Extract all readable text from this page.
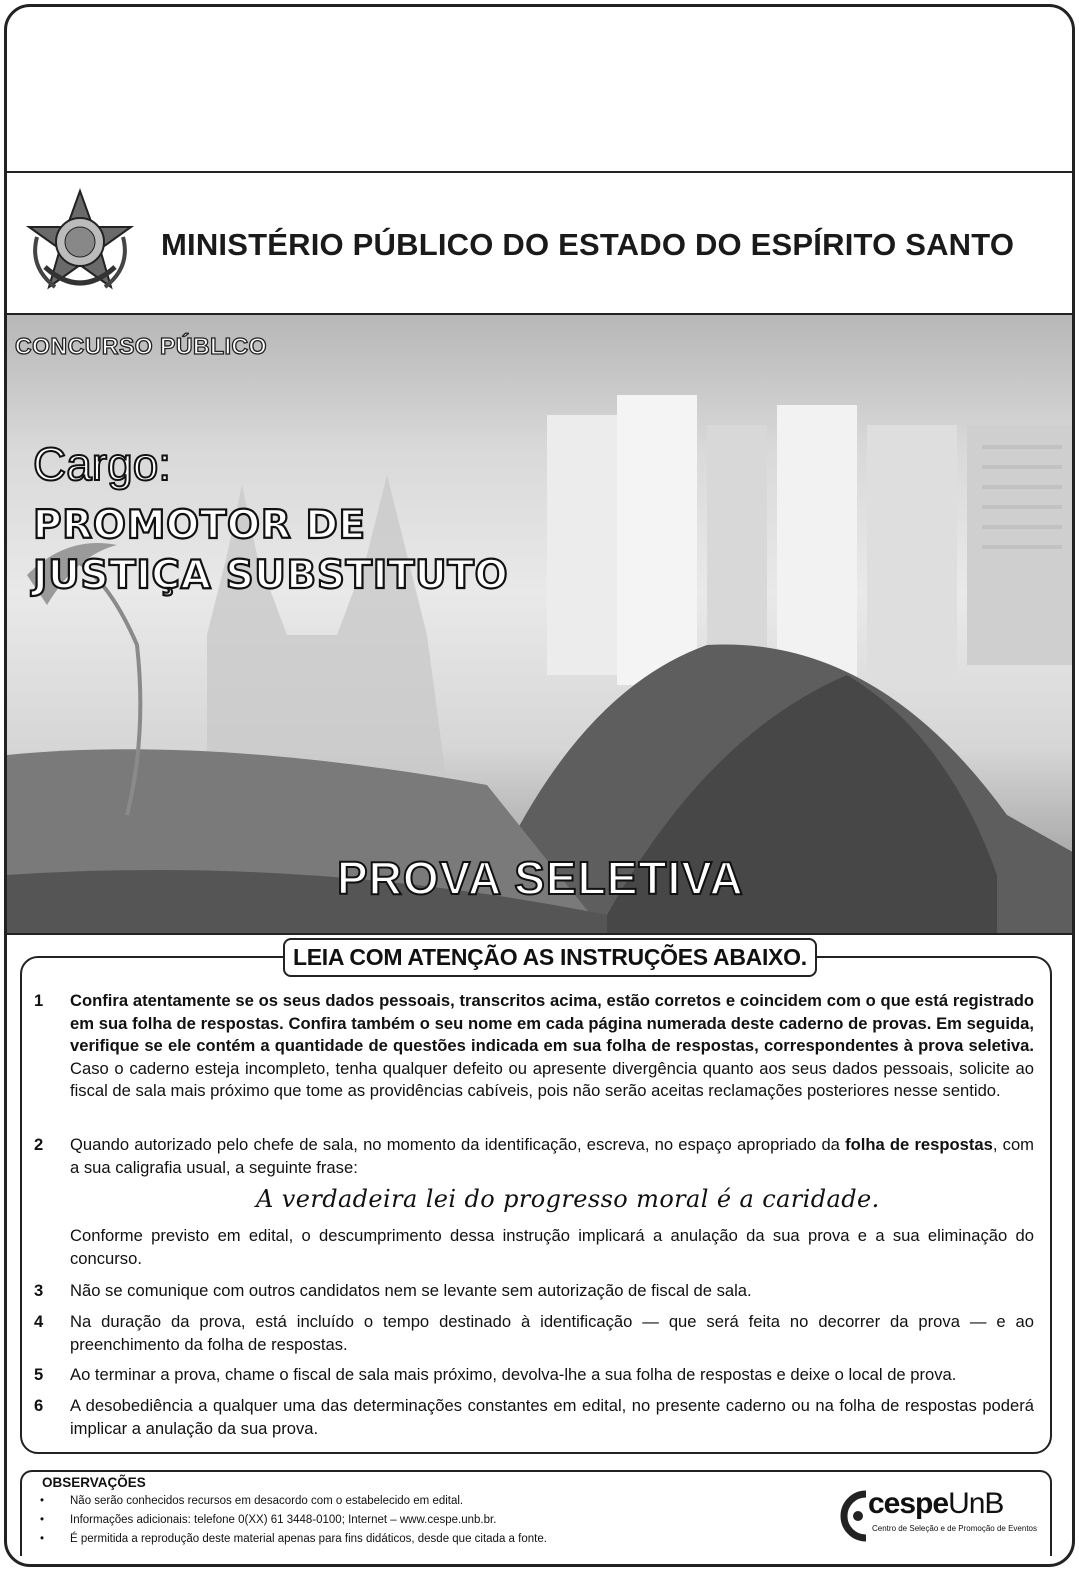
MINISTÉRIO PÚBLICO DO ESTADO DO ESPÍRITO SANTO
CONCURSO PÚBLICO
Cargo:
PROMOTOR DE
JUSTIÇA SUBSTITUTO
PROVA SELETIVA
LEIA COM ATENÇÃO AS INSTRUÇÕES ABAIXO.
1 Confira atentamente se os seus dados pessoais, transcritos acima, estão corretos e coincidem com o que está registrado em sua folha de respostas. Confira também o seu nome em cada página numerada deste caderno de provas. Em seguida, verifique se ele contém a quantidade de questões indicada em sua folha de respostas, correspondentes à prova seletiva. Caso o caderno esteja incompleto, tenha qualquer defeito ou apresente divergência quanto aos seus dados pessoais, solicite ao fiscal de sala mais próximo que tome as providências cabíveis, pois não serão aceitas reclamações posteriores nesse sentido.
2 Quando autorizado pelo chefe de sala, no momento da identificação, escreva, no espaço apropriado da folha de respostas, com a sua caligrafia usual, a seguinte frase:
A verdadeira lei do progresso moral é a caridade.
Conforme previsto em edital, o descumprimento dessa instrução implicará a anulação da sua prova e a sua eliminação do concurso.
3 Não se comunique com outros candidatos nem se levante sem autorização de fiscal de sala.
4 Na duração da prova, está incluído o tempo destinado à identificação — que será feita no decorrer da prova — e ao preenchimento da folha de respostas.
5 Ao terminar a prova, chame o fiscal de sala mais próximo, devolva-lhe a sua folha de respostas e deixe o local de prova.
6 A desobediência a qualquer uma das determinações constantes em edital, no presente caderno ou na folha de respostas poderá implicar a anulação da sua prova.
OBSERVAÇÕES
• Não serão conhecidos recursos em desacordo com o estabelecido em edital.
• Informações adicionais: telefone 0(XX) 61 3448-0100; Internet – www.cespe.unb.br.
• É permitida a reprodução deste material apenas para fins didáticos, desde que citada a fonte.
cespeUnB
Centro de Seleção e de Promoção de Eventos
